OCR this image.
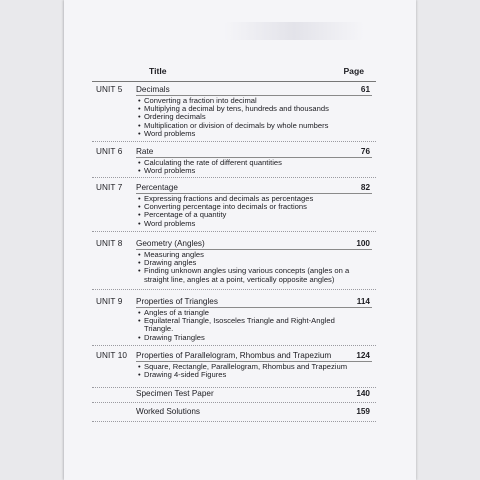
Title	Page
UNIT 5 Decimals	61
• Converting a fraction into decimal
• Multiplying a decimal by tens, hundreds and thousands
• Ordering decimals
• Multiplication or division of decimals by whole numbers
• Word problems
UNIT 6 Rate	76
• Calculating the rate of different quantities
• Word problems
UNIT 7 Percentage	82
• Expressing fractions and decimals as percentages
• Converting percentage into decimals or fractions
• Percentage of a quantity
• Word problems
UNIT 8 Geometry (Angles)	100
• Measuring angles
• Drawing angles
• Finding unknown angles using various concepts (angles on a straight line, angles at a point, vertically opposite angles)
UNIT 9 Properties of Triangles	114
• Angles of a triangle
• Equilateral Triangle, Isosceles Triangle and Right-Angled Triangle.
• Drawing Triangles
UNIT 10 Properties of Parallelogram, Rhombus and Trapezium	124
• Square, Rectangle, Parallelogram, Rhombus and Trapezium
• Drawing 4-sided Figures
Specimen Test Paper	140
Worked Solutions	159
